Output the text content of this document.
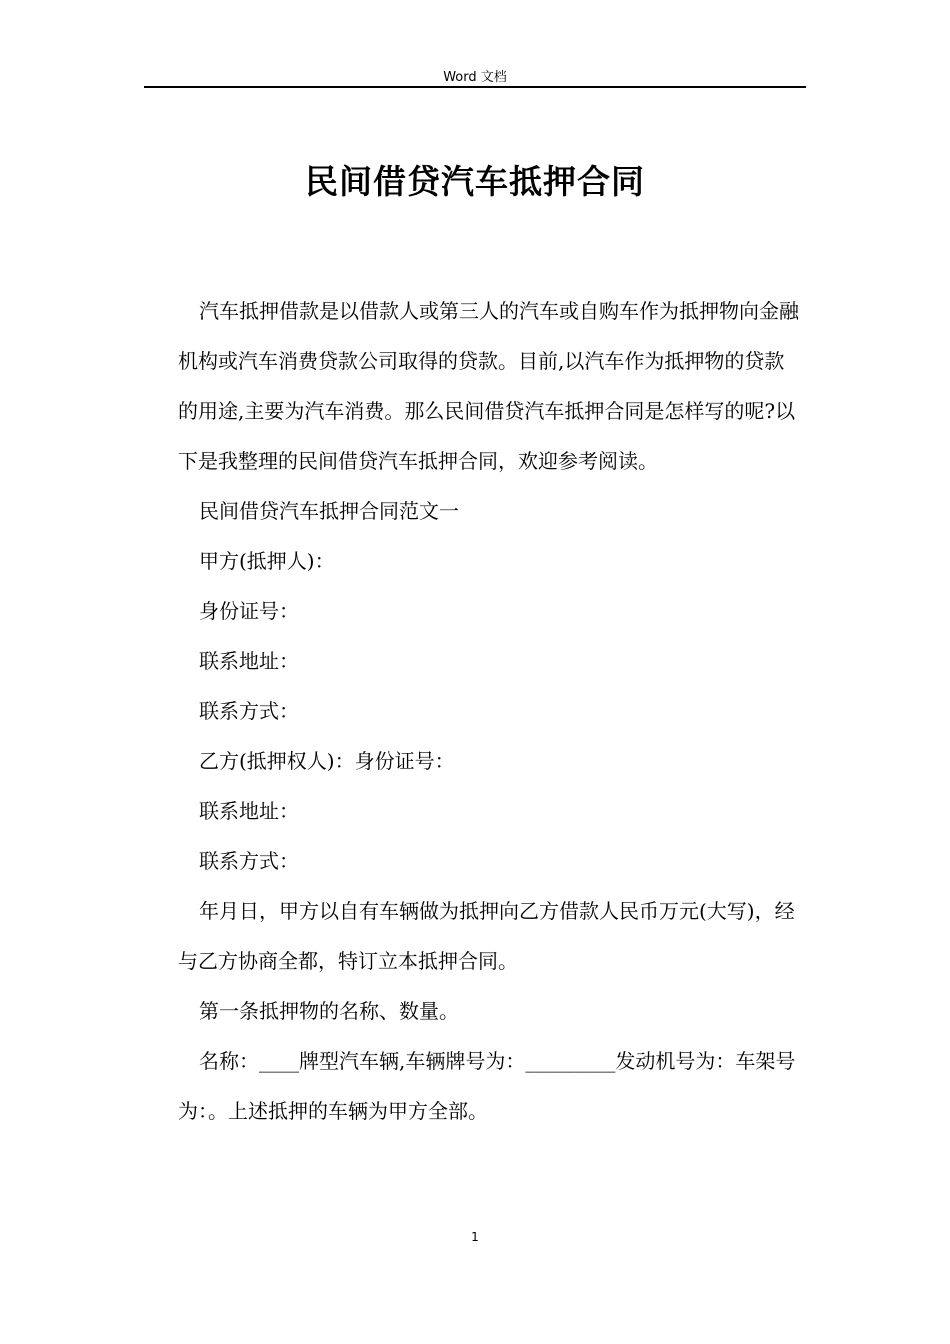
Word 文档
民间借贷汽车抵押合同

汽车抵押借款是以借款人或第三人的汽车或自购车作为抵押物向金融机构或汽车消费贷款公司取得的贷款。目前,以汽车作为抵押物的贷款的用途,主要为汽车消费。那么民间借贷汽车抵押合同是怎样写的呢?以下是我整理的民间借贷汽车抵押合同，欢迎参考阅读。

民间借贷汽车抵押合同范文一

甲方(抵押人)：

身份证号：

联系地址：

联系方式：

乙方(抵押权人)：身份证号：

联系地址：

联系方式：

年月日，甲方以自有车辆做为抵押向乙方借款人民币万元(大写)，经与乙方协商全都，特订立本抵押合同。

第一条抵押物的名称、数量。

名称：____牌型汽车辆,车辆牌号为：_________发动机号为：车架号为：。上述抵押的车辆为甲方全部。

1
